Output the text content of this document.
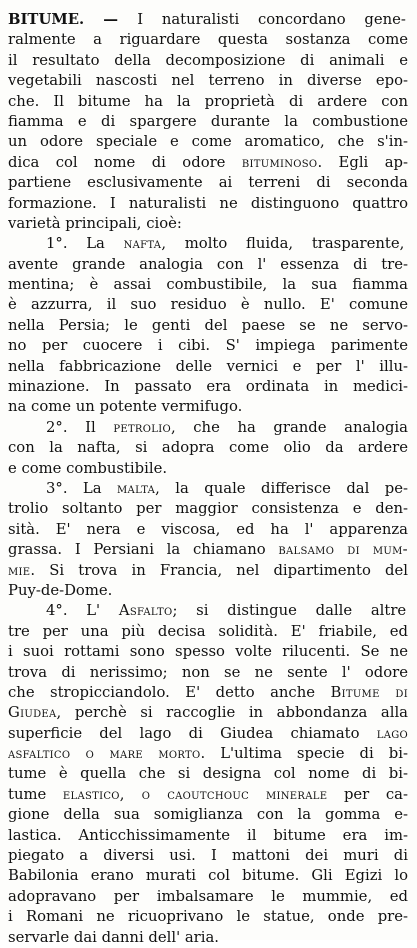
BITUME. — I naturalisti concordano gene-
ralmente a riguardare questa sostanza come
il resultato della decomposizione di animali e
vegetabili nascosti nel terreno in diverse epo-
che. Il bitume ha la proprietà di ardere con
fiamma e di spargere durante la combustione
un odore speciale e come aromatico, che s'in-
dica col nome di odore bituminoso. Egli ap-
partiene esclusivamente ai terreni di seconda
formazione. I naturalisti ne distinguono quattro
varietà principali, cioè:
1°. La nafta, molto fluida, trasparente,
avente grande analogia con l' essenza di tre-
mentina; è assai combustibile, la sua fiamma
è azzurra, il suo residuo è nullo. E' comune
nella Persia; le genti del paese se ne servo-
no per cuocere i cibi. S' impiega parimente
nella fabbricazione delle vernici e per l' illu-
minazione. In passato era ordinata in medici-
na come un potente vermifugo.
2°. Il petrolio, che ha grande analogia
con la nafta, si adopra come olio da ardere
e come combustibile.
3°. La malta, la quale differisce dal pe-
trolio soltanto per maggior consistenza e den-
sità. E' nera e viscosa, ed ha l' apparenza
grassa. I Persiani la chiamano balsamo di mum-
mie. Si trova in Francia, nel dipartimento del
Puy-de-Dome.
4°. L' Asfalto; si distingue dalle altre
tre per una più decisa solidità. E' friabile, ed
i suoi rottami sono spesso volte rilucenti. Se ne
trova di nerissimo; non se ne sente l' odore
che stropicciandolo. E' detto anche Bitume di
Giudea, perchè si raccoglie in abbondanza alla
superficie del lago di Giudea chiamato lago
asfaltico o mare morto. L'ultima specie di bi-
tume è quella che si designa col nome di bi-
tume elastico, o caoutchouc minerale per ca-
gione della sua somiglianza con la gomma e-
lastica. Anticchissimamente il bitume era im-
piegato a diversi usi. I mattoni dei muri di
Babilonia erano murati col bitume. Gli Egizi lo
adopravano per imbalsamare le mummie, ed
i Romani ne ricuoprivano le statue, onde pre-
servarle dai danni dell' aria.
